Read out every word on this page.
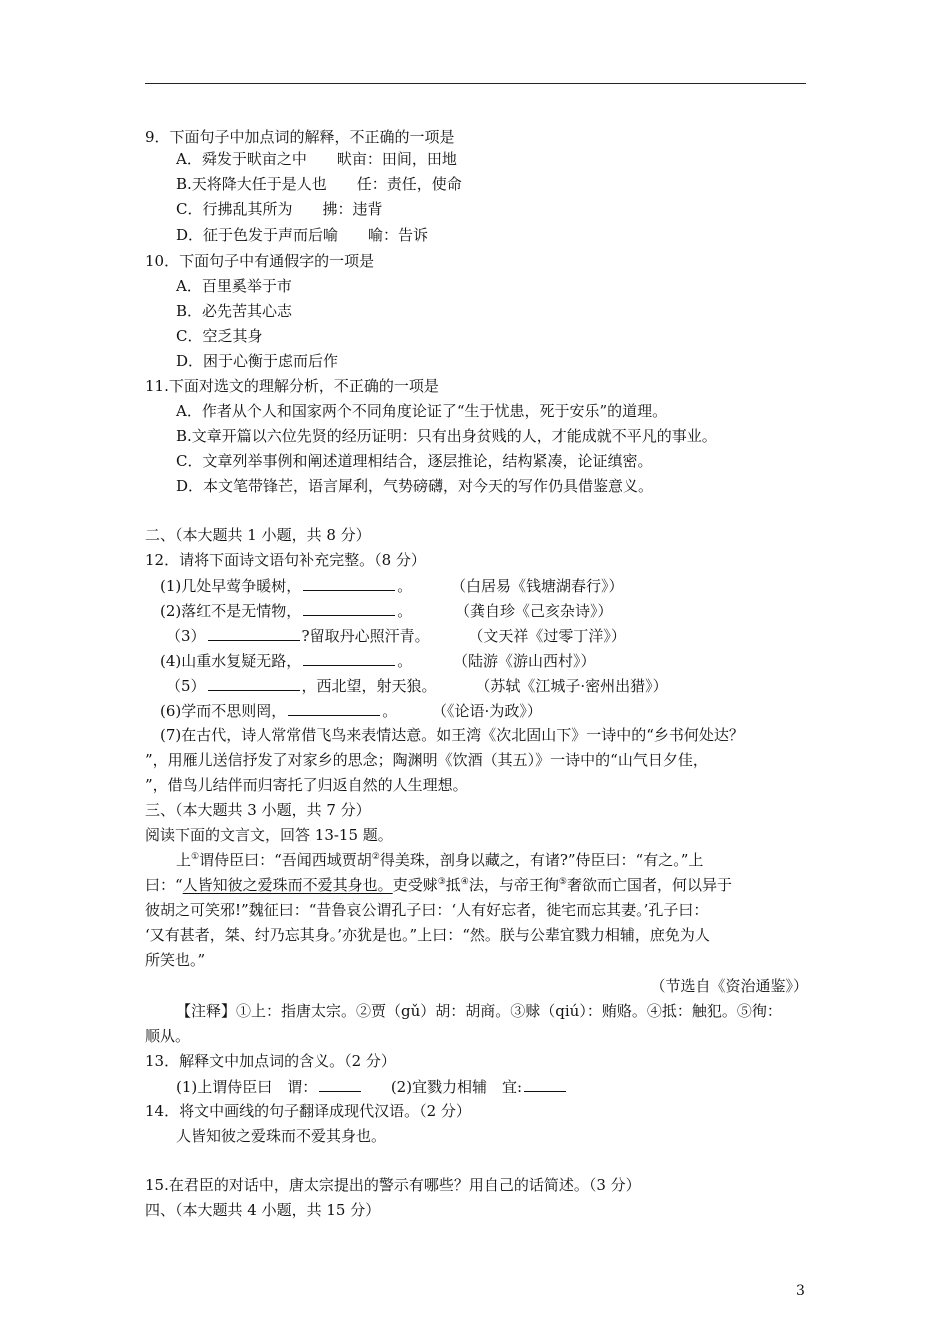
9．下面句子中加点词的解释，不正确的一项是
A．舜发于畎亩之中　　畎亩：田间，田地
B.天将降大任于是人也　　任：责任，使命
C．行拂乱其所为　　拂：违背
D．征于色发于声而后喻　　喻：告诉
10．下面句子中有通假字的一项是
A．百里奚举于市
B．必先苦其心志
C．空乏其身
D．困于心衡于虑而后作
11.下面对选文的理解分析，不正确的一项是
A．作者从个人和国家两个不同角度论证了“生于忧患，死于安乐”的道理。
B.文章开篇以六位先贤的经历证明：只有出身贫贱的人，才能成就不平凡的事业。
C．文章列举事例和阐述道理相结合，逐层推论，结构紧凑，论证缜密。
D．本文笔带锋芒，语言犀利，气势磅礴，对今天的写作仍具借鉴意义。
二、（本大题共 1 小题，共 8 分）
12．请将下面诗文语句补充完整。（8 分）
(1)几处早莺争暖树，	。	（白居易《钱塘湖春行》）
(2)落红不是无情物，	。	（龚自珍《己亥杂诗》）
（3）	?留取丹心照汗青。	（文天祥《过零丁洋》）
(4)山重水复疑无路，	。	（陆游《游山西村》）
（5）	，西北望，射天狼。	（苏轼《江城子·密州出猎》）
(6)学而不思则罔，	。 （《论语·为政》）
(7)在古代，诗人常常借飞鸟来表情达意。如王湾《次北固山下》一诗中的“乡书何处达？
”，用雁儿送信抒发了对家乡的思念；陶渊明《饮酒（其五）》一诗中的“山气日夕佳，
”，借鸟儿结伴而归寄托了归返自然的人生理想。
三、（本大题共 3 小题，共 7 分）
阅读下面的文言文，回答 13-15 题。
上①谓侍臣曰：“吾闻西域贾胡②得美珠，剖身以藏之，有诸?”侍臣曰：“有之。”上
曰：“人皆知彼之爱珠而不爱其身也。吏受赇③抵④法，与帝王徇⑤奢欲而亡国者，何以异于
彼胡之可笑邪!”魏征曰：“昔鲁哀公谓孔子曰：‘人有好忘者，徙宅而忘其妻。’孔子曰：
‘又有甚者，桀、纣乃忘其身。’亦犹是也。”上曰：“然。朕与公辈宜戮力相辅，庶免为人
所笑也。”
（节选自《资治通鉴》）
【注释】①上：指唐太宗。②贾（gǔ）胡：胡商。③赇（qiú）：贿赂。④抵：触犯。⑤徇：
顺从。
13．解释文中加点词的含义。（2 分）
(1)上谓侍臣曰　谓：	(2)宜戮力相辅　宜:
14．将文中画线的句子翻译成现代汉语。（2 分）
人皆知彼之爱珠而不爱其身也。
15.在君臣的对话中，唐太宗提出的警示有哪些？用自己的话简述。（3 分）
四、（本大题共 4 小题，共 15 分）
3
